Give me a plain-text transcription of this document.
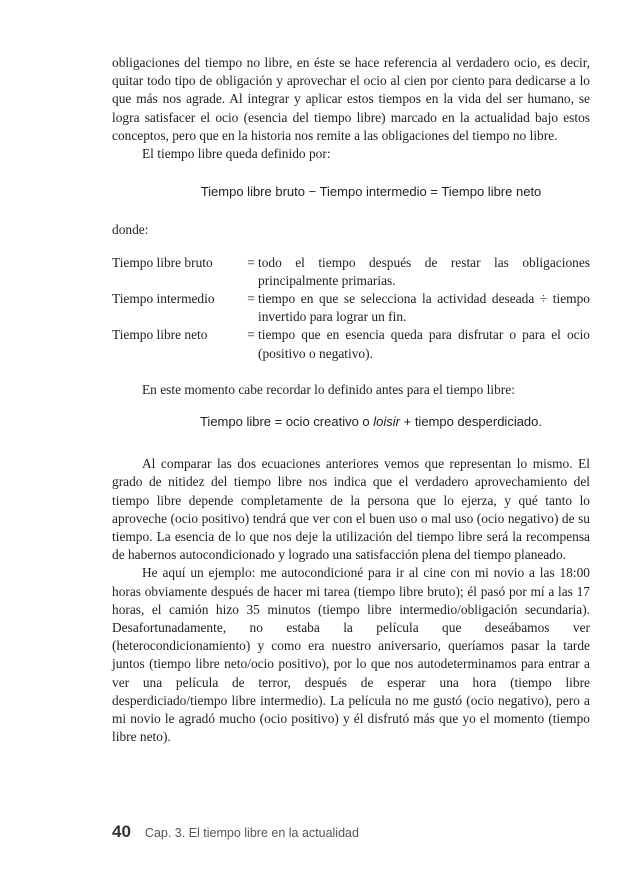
obligaciones del tiempo no libre, en éste se hace referencia al verdadero ocio, es decir, quitar todo tipo de obligación y aprovechar el ocio al cien por ciento para dedicarse a lo que más nos agrade. Al integrar y aplicar estos tiempos en la vida del ser humano, se logra satisfacer el ocio (esencia del tiempo libre) marcado en la actualidad bajo estos conceptos, pero que en la historia nos remite a las obligaciones del tiempo no libre.

El tiempo libre queda definido por:

Tiempo libre bruto − Tiempo intermedio = Tiempo libre neto

donde:

Tiempo libre bruto	=	todo el tiempo después de restar las obligaciones principalmente primarias.
Tiempo intermedio	=	tiempo en que se selecciona la actividad deseada ÷ tiempo invertido para lograr un fin.
Tiempo libre neto	=	tiempo que en esencia queda para disfrutar o para el ocio (positivo o negativo).

En este momento cabe recordar lo definido antes para el tiempo libre:

Tiempo libre = ocio creativo o loisir + tiempo desperdiciado.

Al comparar las dos ecuaciones anteriores vemos que representan lo mismo. El grado de nitidez del tiempo libre nos indica que el verdadero aprovechamiento del tiempo libre depende completamente de la persona que lo ejerza, y qué tanto lo aproveche (ocio positivo) tendrá que ver con el buen uso o mal uso (ocio negativo) de su tiempo. La esencia de lo que nos deje la utilización del tiempo libre será la recompensa de habernos autocondicionado y logrado una satisfacción plena del tiempo planeado.

He aquí un ejemplo: me autocondicioné para ir al cine con mi novio a las 18:00 horas obviamente después de hacer mi tarea (tiempo libre bruto); él pasó por mí a las 17 horas, el camión hizo 35 minutos (tiempo libre intermedio/obligación secundaria). Desafortunadamente, no estaba la película que deseábamos ver (heterocondicionamiento) y como era nuestro aniversario, queríamos pasar la tarde juntos (tiempo libre neto/ocio positivo), por lo que nos autodeterminamos para entrar a ver una película de terror, después de esperar una hora (tiempo libre desperdiciado/tiempo libre intermedio). La película no me gustó (ocio negativo), pero a mi novio le agradó mucho (ocio positivo) y él disfrutó más que yo el momento (tiempo libre neto).

40 Cap. 3. El tiempo libre en la actualidad
